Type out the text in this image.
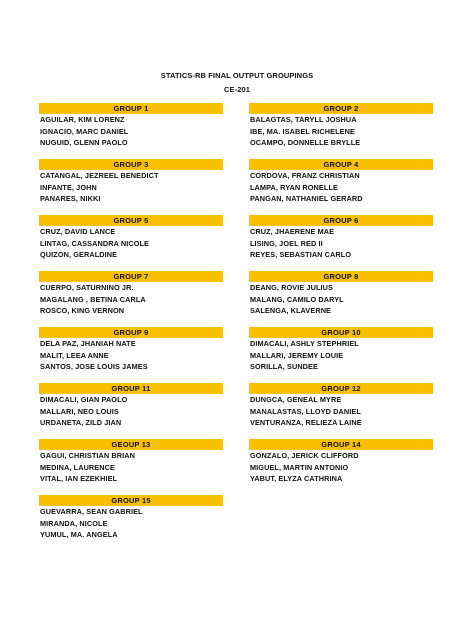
STATICS-RB FINAL OUTPUT GROUPINGS
CE-201
GROUP 1
AGUILAR, KIM LORENZ
IGNACIO, MARC DANIEL
NUGUID, GLENN PAOLO
GROUP 3
CATANGAL, JEZREEL BENEDICT
INFANTE, JOHN
PANARES, NIKKI
GROUP 5
CRUZ, DAVID LANCE
LINTAG, CASSANDRA NICOLE
QUIZON, GERALDINE
GROUP 7
CUERPO, SATURNINO JR.
MAGALANG , BETINA CARLA
ROSCO, KING VERNON
GROUP 9
DELA PAZ, JHANIAH NATE
MALIT, LEEA ANNE
SANTOS, JOSE LOUIS JAMES
GROUP 11
DIMACALI, GIAN PAOLO
MALLARI, NEO LOUIS
URDANETA, ZILD JIAN
GEOUP 13
GAGUI, CHRISTIAN BRIAN
MEDINA, LAURENCE
VITAL, IAN EZEKHIEL
GROUP 15
GUEVARRA, SEAN GABRIEL
MIRANDA, NICOLE
YUMUL, MA. ANGELA
GROUP 2
BALAGTAS, TARYLL JOSHUA
IBE, MA. ISABEL RICHELENE
OCAMPO, DONNELLE BRYLLE
GROUP 4
CORDOVA, FRANZ CHRISTIAN
LAMPA, RYAN RONELLE
PANGAN, NATHANIEL GERARD
GROUP 6
CRUZ, JHAERENE MAE
LISING, JOEL RED II
REYES, SEBASTIAN CARLO
GROUP 8
DEANG, ROVIE JULIUS
MALANG, CAMILO DARYL
SALENGA, KLAVERNE
GROUP 10
DIMACALI, ASHLY STEPHRIEL
MALLARI, JEREMY LOUIE
SORILLA, SUNDEE
GROUP 12
DUNGCA, GENEAL MYRE
MANALASTAS, LLOYD DANIEL
VENTURANZA, RELIEZA LAINE
GROUP 14
GONZALO, JERICK CLIFFORD
MIGUEL, MARTIN ANTONIO
YABUT, ELYZA CATHRINA
